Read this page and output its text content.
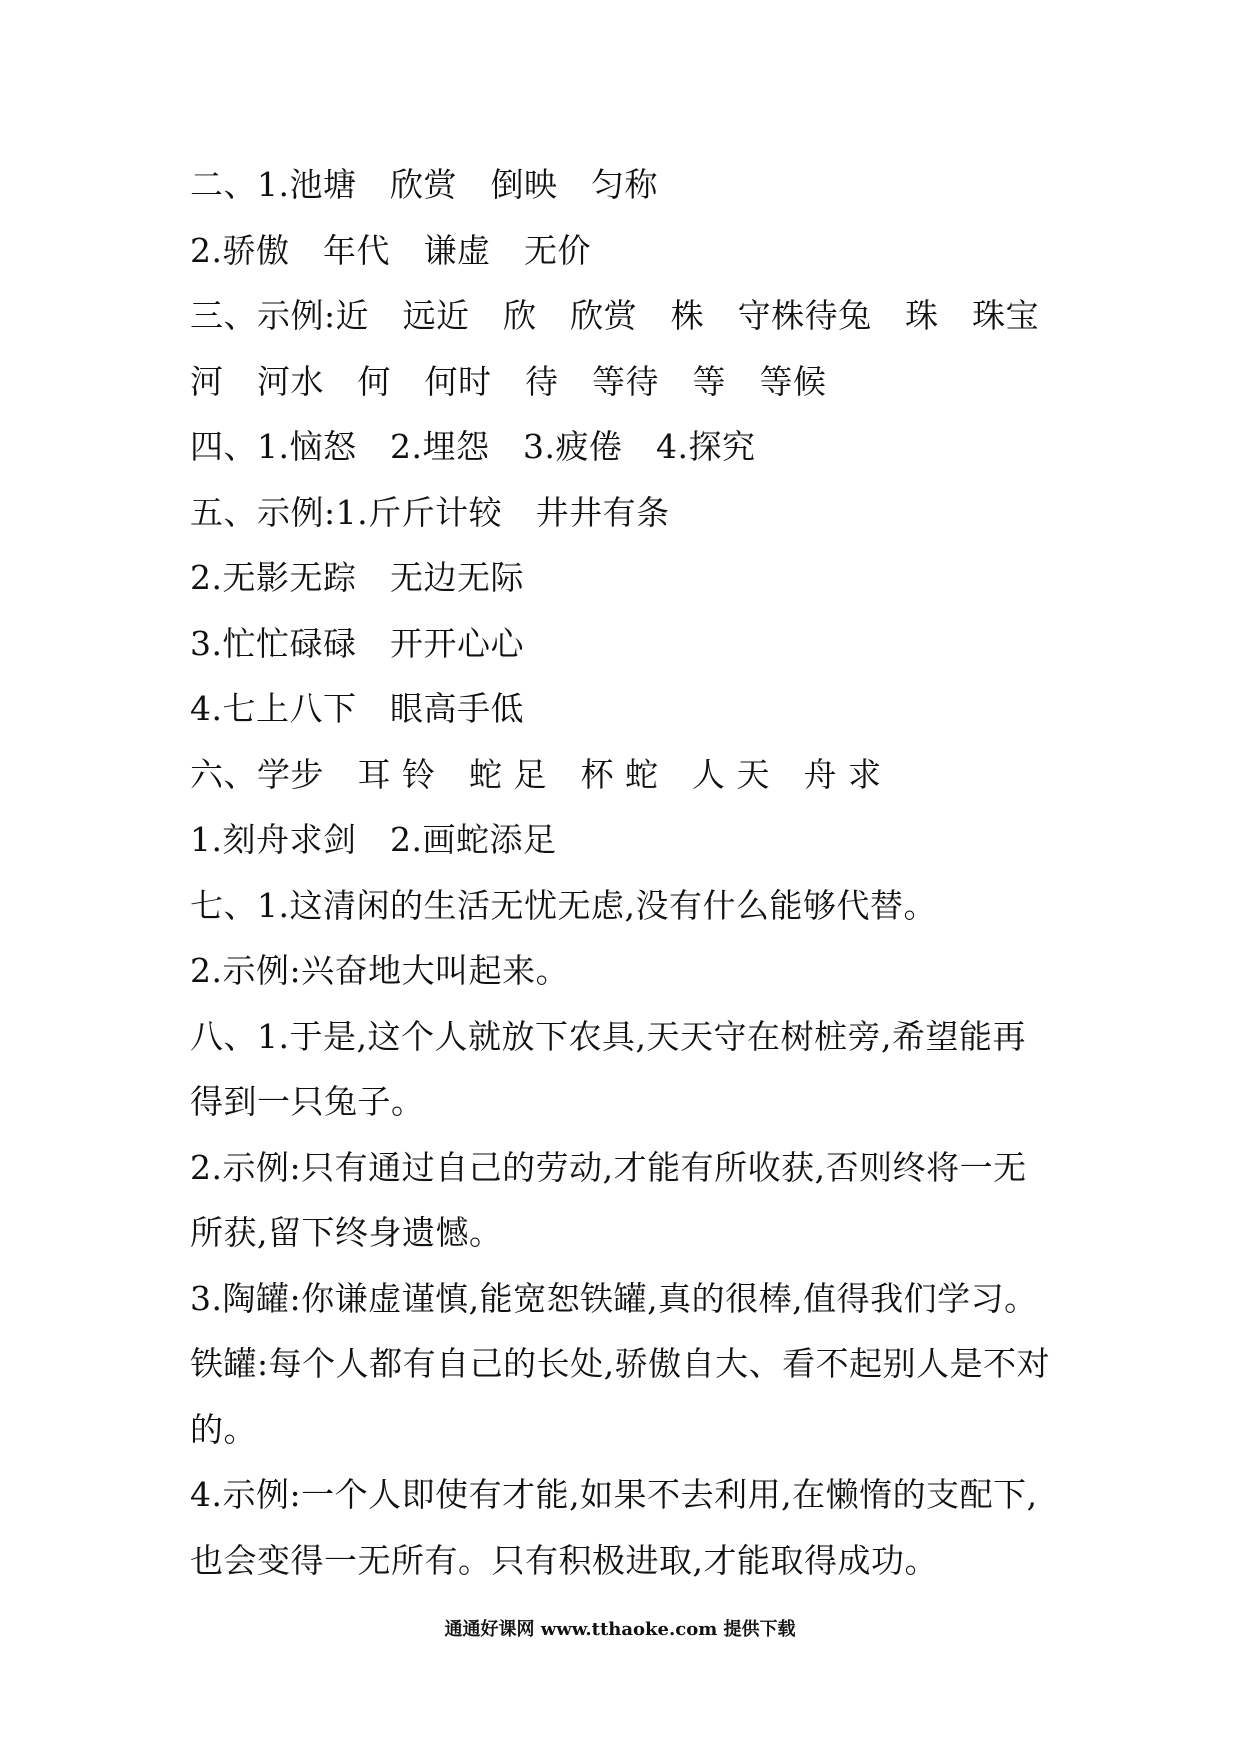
二、1.池塘　欣赏　倒映　匀称
2.骄傲　年代　谦虚　无价
三、示例:近　远近　欣　欣赏　株　守株待兔　珠　珠宝
河　河水　何　何时　待　等待　等　等候
四、1.恼怒　2.埋怨　3.疲倦　4.探究
五、示例:1.斤斤计较　井井有条
2.无影无踪　无边无际
3.忙忙碌碌　开开心心
4.七上八下　眼高手低
六、学步　耳 铃　蛇 足　杯 蛇　人 天　舟 求
1.刻舟求剑　2.画蛇添足
七、1.这清闲的生活无忧无虑,没有什么能够代替。
2.示例:兴奋地大叫起来。
八、1.于是,这个人就放下农具,天天守在树桩旁,希望能再
得到一只兔子。
2.示例:只有通过自己的劳动,才能有所收获,否则终将一无
所获,留下终身遗憾。
3.陶罐:你谦虚谨慎,能宽恕铁罐,真的很棒,值得我们学习。
铁罐:每个人都有自己的长处,骄傲自大、看不起别人是不对
的。
4.示例:一个人即使有才能,如果不去利用,在懒惰的支配下,
也会变得一无所有。只有积极进取,才能取得成功。
通通好课网 www.tthaoke.com 提供下载
